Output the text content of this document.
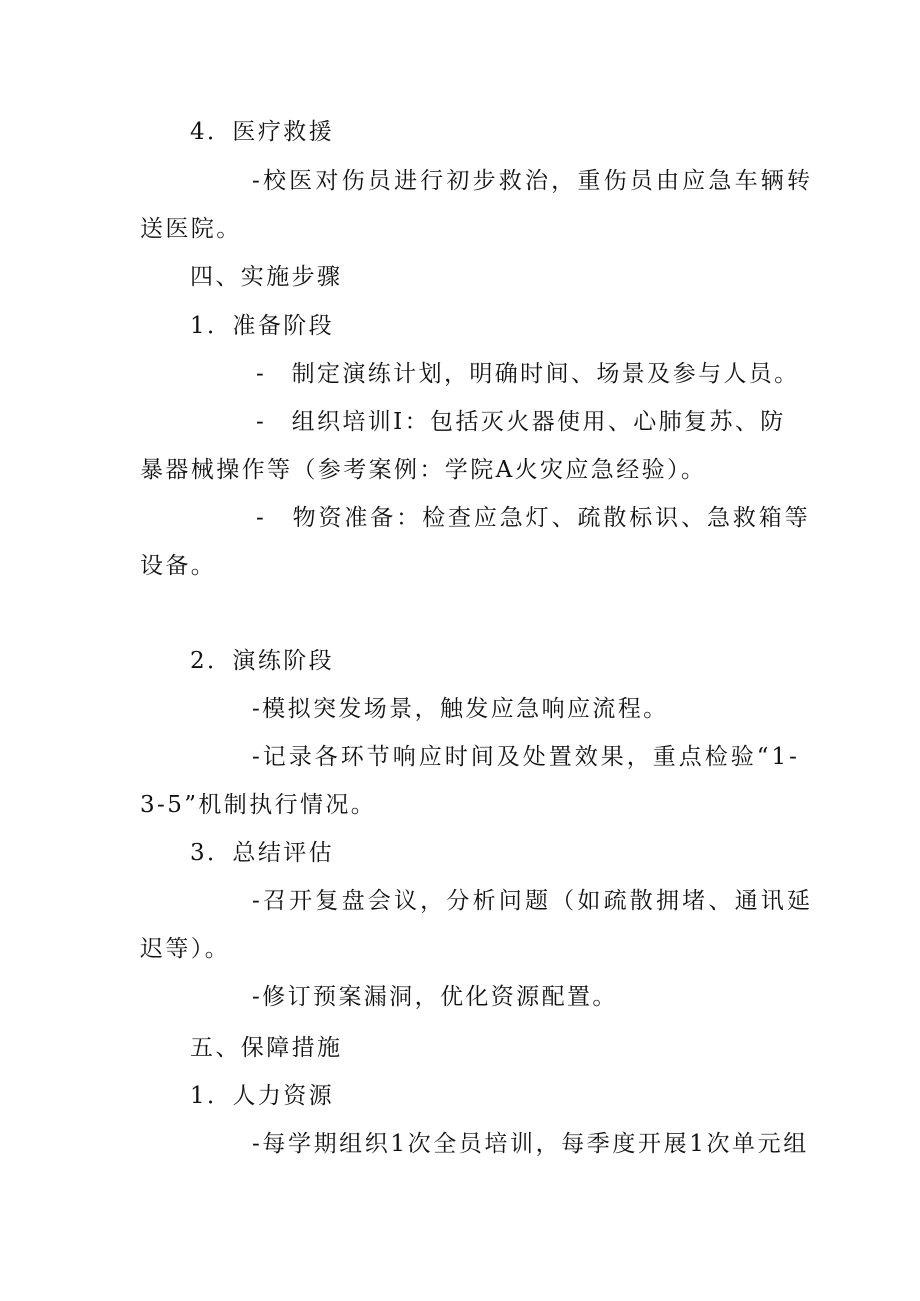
4．医疗救援
-校医对伤员进行初步救治，重伤员由应急车辆转
送医院。
四、实施步骤
1．准备阶段
-　制定演练计划，明确时间、场景及参与人员。
-　组织培训I：包括灭火器使用、心肺复苏、防
暴器械操作等（参考案例：学院A火灾应急经验）。
-　物资准备：检查应急灯、疏散标识、急救箱等
设备。
2．演练阶段
-模拟突发场景，触发应急响应流程。
-记录各环节响应时间及处置效果，重点检验“1-
3-5”机制执行情况。
3．总结评估
-召开复盘会议，分析问题（如疏散拥堵、通讯延
迟等）。
-修订预案漏洞，优化资源配置。
五、保障措施
1．人力资源
-每学期组织1次全员培训，每季度开展1次单元组
